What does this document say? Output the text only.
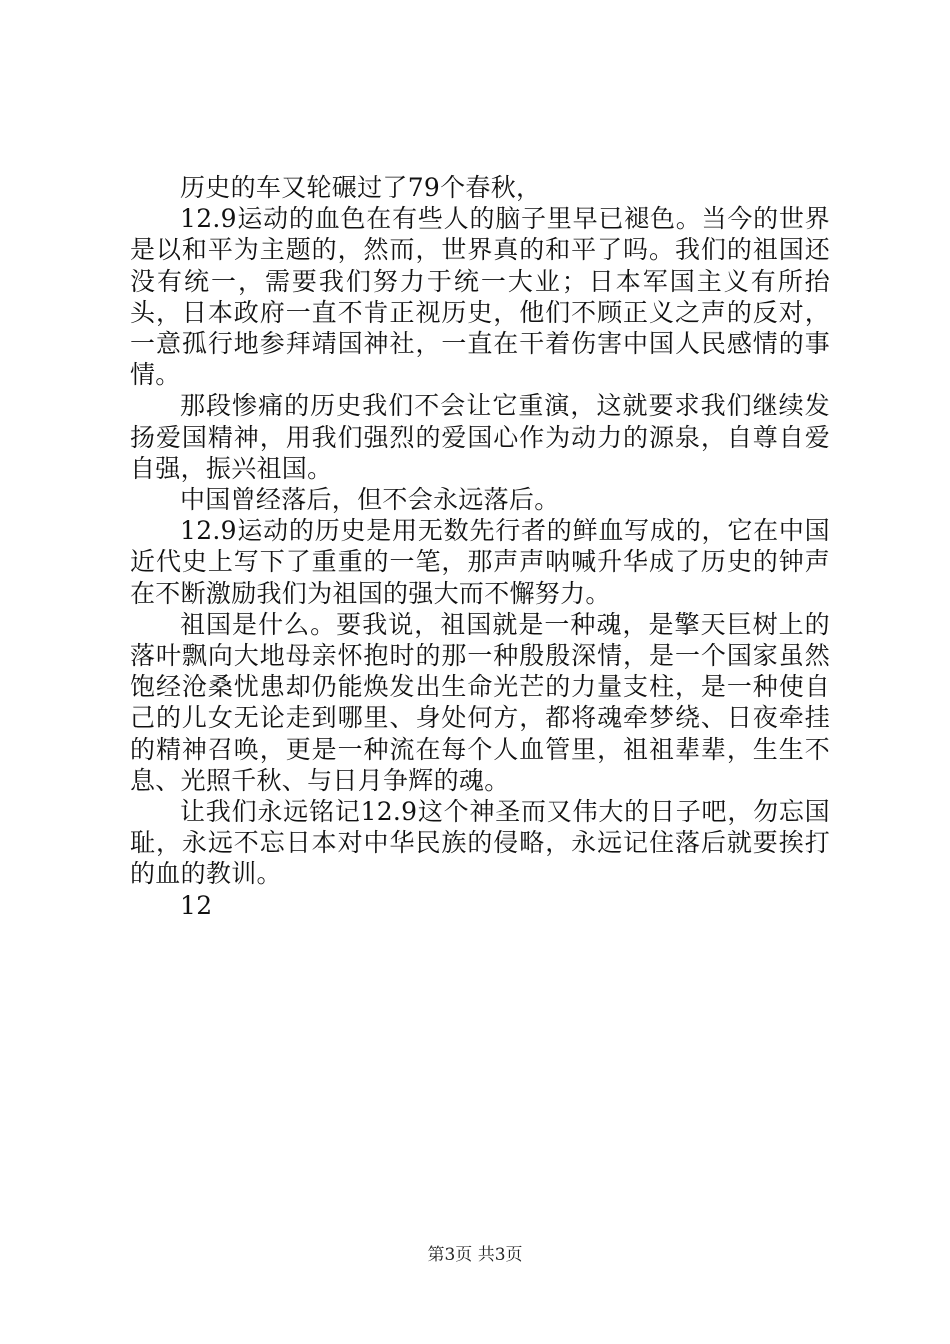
历史的车又轮碾过了79个春秋，

12.9运动的血色在有些人的脑子里早已褪色。当今的世界是以和平为主题的，然而，世界真的和平了吗。我们的祖国还没有统一，需要我们努力于统一大业；日本军国主义有所抬头，日本政府一直不肯正视历史，他们不顾正义之声的反对，一意孤行地参拜靖国神社，一直在干着伤害中国人民感情的事情。

那段惨痛的历史我们不会让它重演，这就要求我们继续发扬爱国精神，用我们强烈的爱国心作为动力的源泉，自尊自爱自强，振兴祖国。

中国曾经落后，但不会永远落后。

12.9运动的历史是用无数先行者的鲜血写成的，它在中国近代史上写下了重重的一笔，那声声呐喊升华成了历史的钟声在不断激励我们为祖国的强大而不懈努力。

祖国是什么。要我说，祖国就是一种魂，是擎天巨树上的落叶飘向大地母亲怀抱时的那一种殷殷深情，是一个国家虽然饱经沧桑忧患却仍能焕发出生命光芒的力量支柱，是一种使自己的儿女无论走到哪里、身处何方，都将魂牵梦绕、日夜牵挂的精神召唤，更是一种流在每个人血管里，祖祖辈辈，生生不息、光照千秋、与日月争辉的魂。

让我们永远铭记12.9这个神圣而又伟大的日子吧，勿忘国耻，永远不忘日本对中华民族的侵略，永远记住落后就要挨打的血的教训。

12

第3页 共3页
